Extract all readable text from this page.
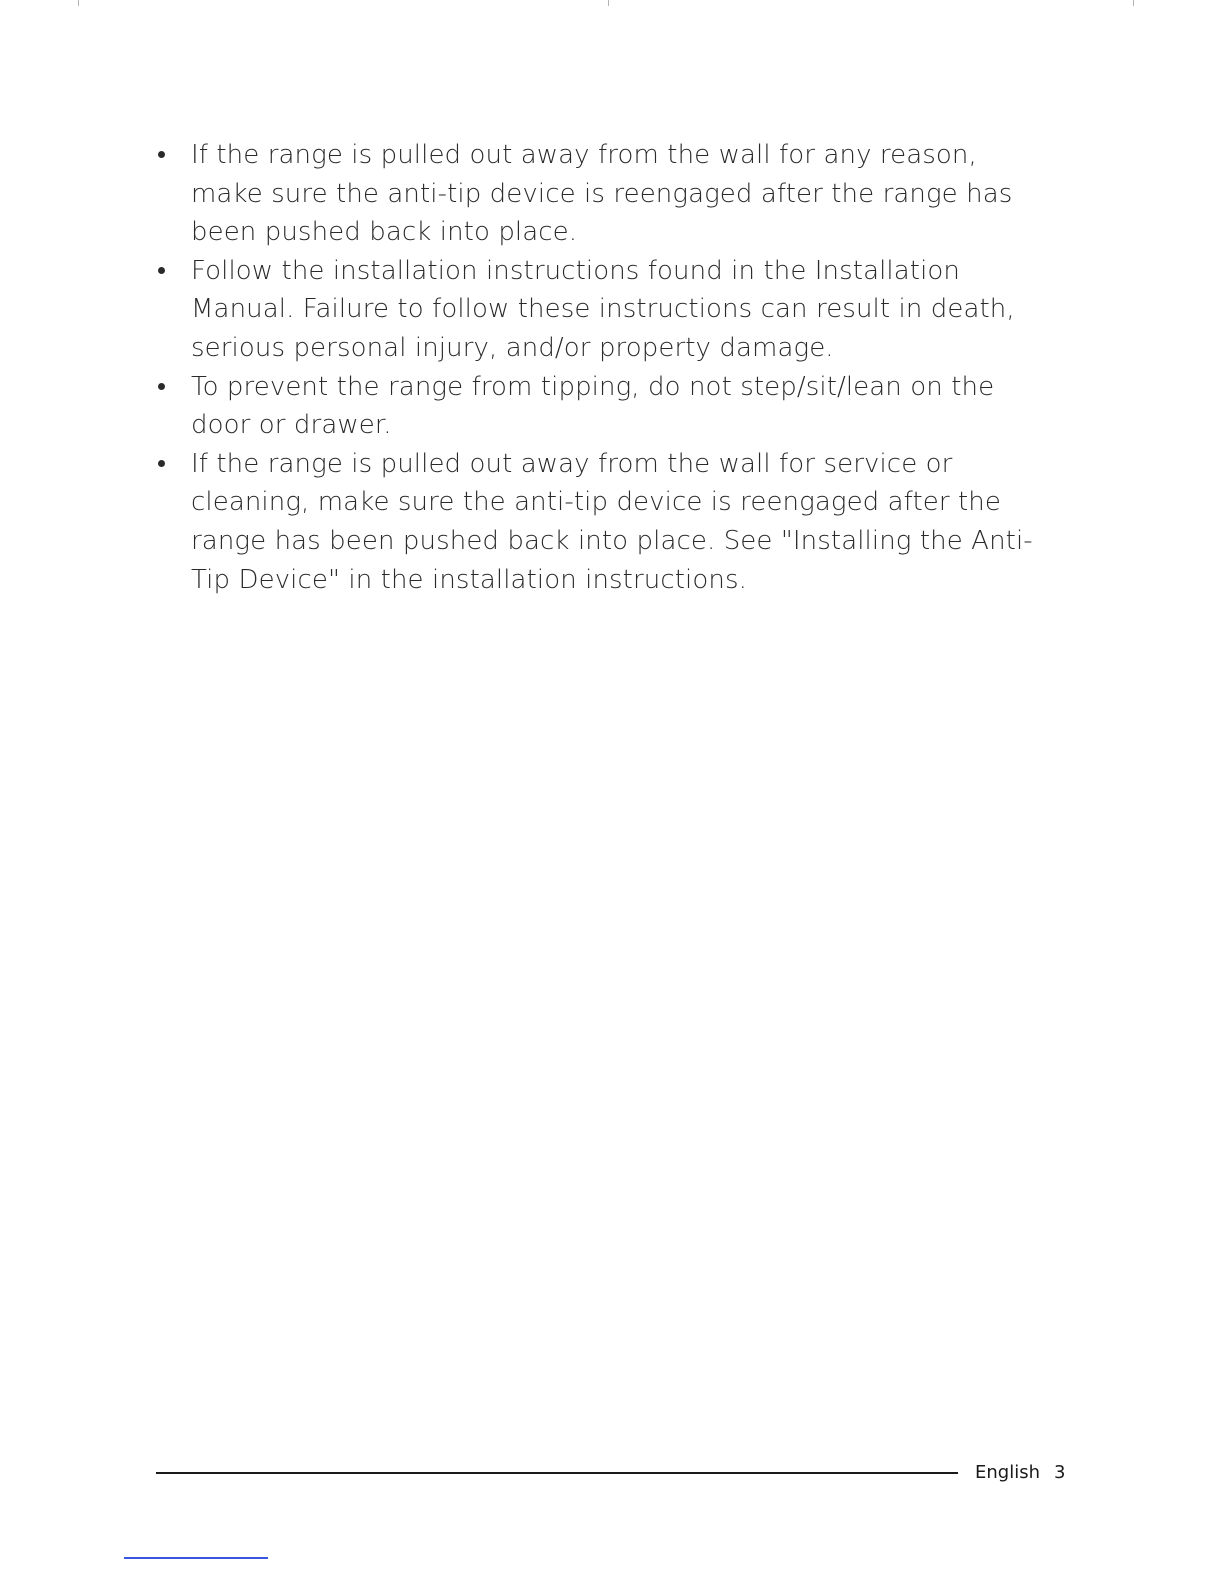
If the range is pulled out away from the wall for any reason, make sure the anti-tip device is reengaged after the range has been pushed back into place.
Follow the installation instructions found in the Installation Manual. Failure to follow these instructions can result in death, serious personal injury, and/or property damage.
To prevent the range from tipping, do not step/sit/lean on the door or drawer.
If the range is pulled out away from the wall for service or cleaning, make sure the anti-tip device is reengaged after the range has been pushed back into place. See "Installing the Anti-Tip Device" in the installation instructions.
English 3
